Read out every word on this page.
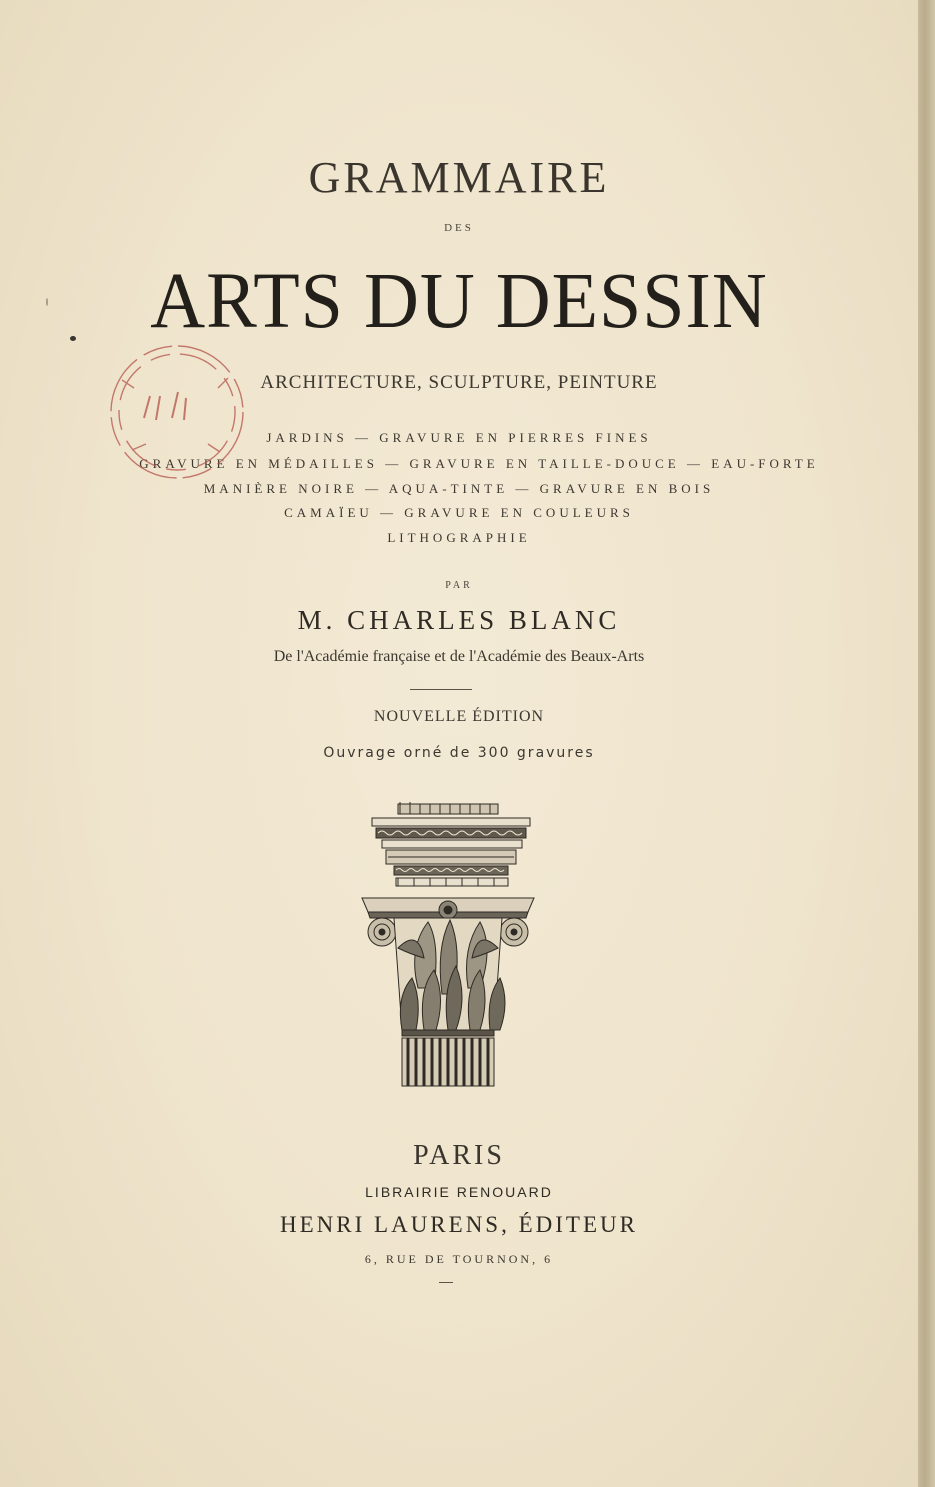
GRAMMAIRE
DES
ARTS DU DESSIN
ARCHITECTURE, SCULPTURE, PEINTURE
JARDINS — GRAVURE EN PIERRES FINES
GRAVURE EN MÉDAILLES — GRAVURE EN TAILLE-DOUCE — EAU-FORTE
MANIÈRE NOIRE — AQUA-TINTE — GRAVURE EN BOIS
CAMAÏEU — GRAVURE EN COULEURS
LITHOGRAPHIE
PAR
M. CHARLES BLANC
De l'Académie française et de l'Académie des Beaux-Arts
NOUVELLE ÉDITION
Ouvrage orné de 300 gravures
PARIS
LIBRAIRIE RENOUARD
HENRI LAURENS, ÉDITEUR
6, RUE DE TOURNON, 6
